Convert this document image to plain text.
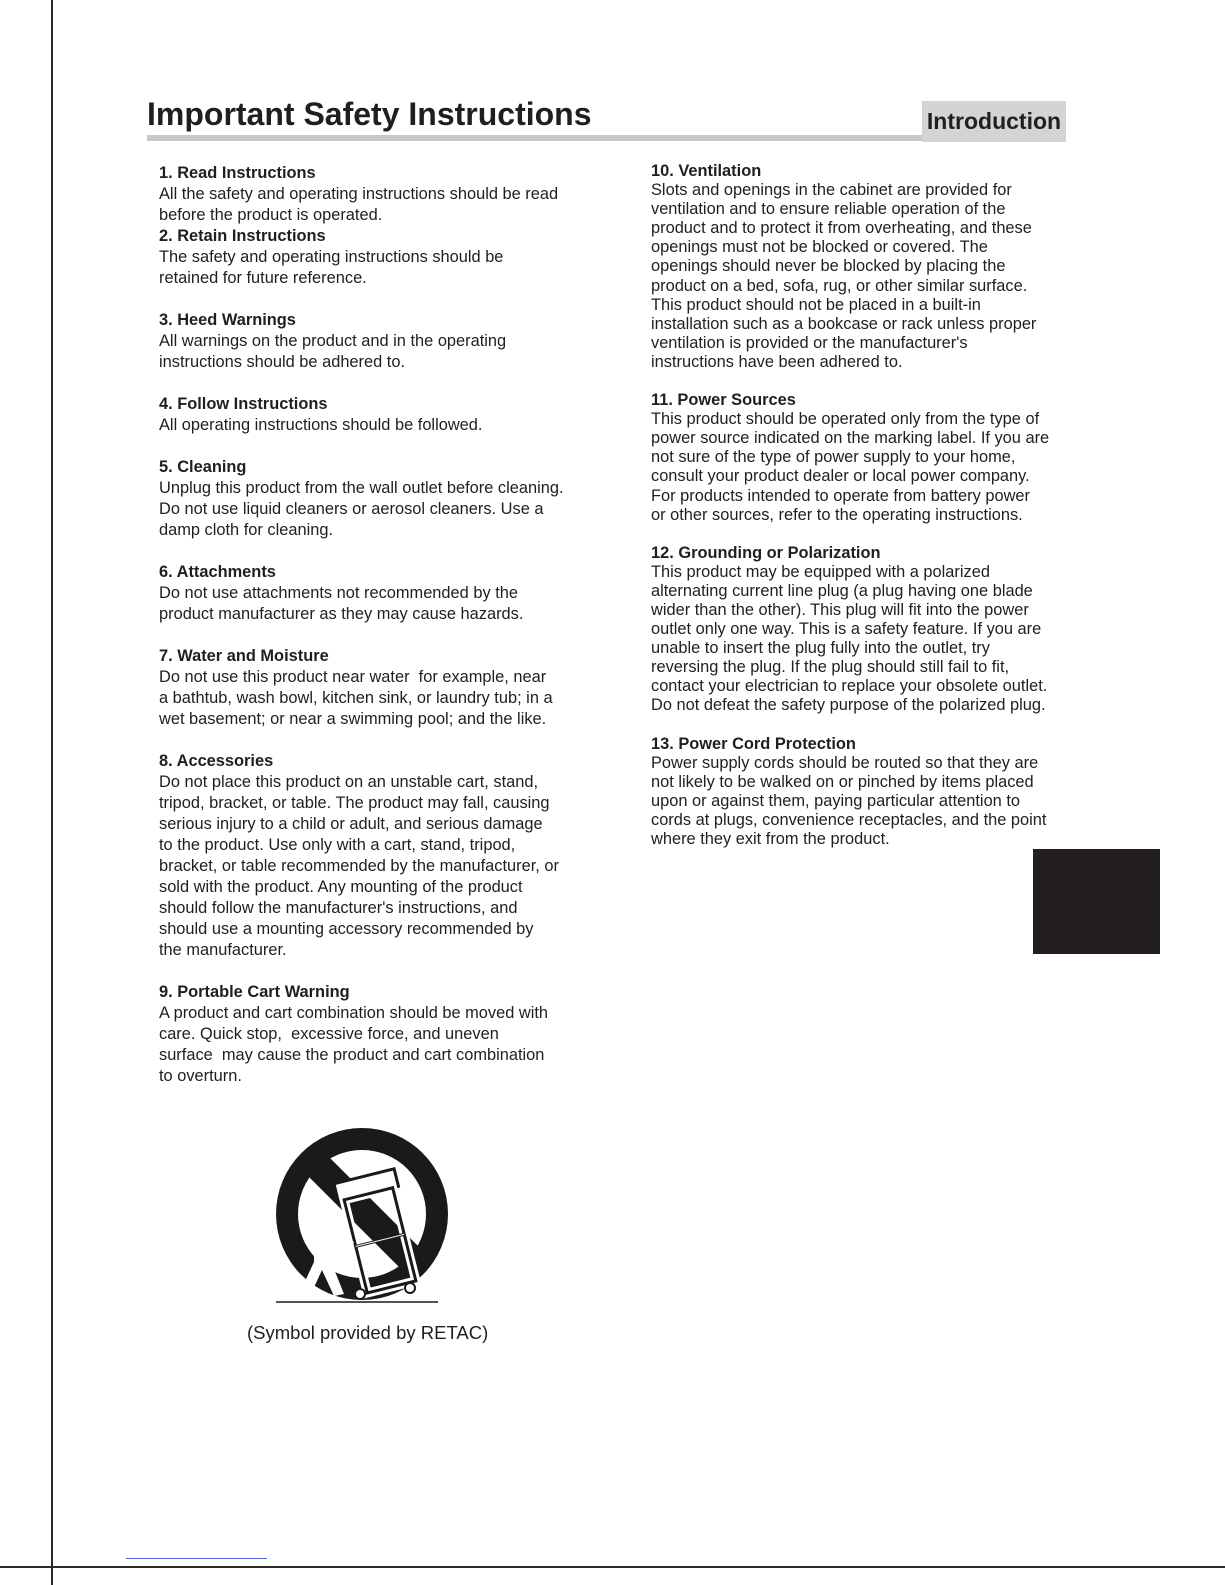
Important Safety Instructions	Introduction

1. Read Instructions

All the safety and operating instructions should be read
before the product is operated.

2. Retain Instructions

The safety and operating instructions should be
retained for future reference.

3. Heed Warnings

All warnings on the product and in the operating
instructions should be adhered to.

4. Follow Instructions

All operating instructions should be followed.

5. Cleaning

Unplug this product from the wall outlet before cleaning.
Do not use liquid cleaners or aerosol cleaners. Use a
damp cloth for cleaning.

6. Attachments

Do not use attachments not recommended by the
product manufacturer as they may cause hazards.

7. Water and Moisture

Do not use this product near water  for example, near
a bathtub, wash bowl, kitchen sink, or laundry tub; in a
wet basement; or near a swimming pool; and the like.

8. Accessories

Do not place this product on an unstable cart, stand,
tripod, bracket, or table. The product may fall, causing
serious injury to a child or adult, and serious damage
to the product. Use only with a cart, stand, tripod,
bracket, or table recommended by the manufacturer, or
sold with the product. Any mounting of the product
should follow the manufacturer's instructions, and
should use a mounting accessory recommended by
the manufacturer.

9. Portable Cart Warning

A product and cart combination should be moved with
care. Quick stop,  excessive force, and uneven
surface  may cause the product and cart combination
to overturn.

10. Ventilation

Slots and openings in the cabinet are provided for
ventilation and to ensure reliable operation of the
product and to protect it from overheating, and these
openings must not be blocked or covered. The
openings should never be blocked by placing the
product on a bed, sofa, rug, or other similar surface.
This product should not be placed in a built-in
installation such as a bookcase or rack unless proper
ventilation is provided or the manufacturer's
instructions have been adhered to.

11. Power Sources

This product should be operated only from the type of
power source indicated on the marking label. If you are
not sure of the type of power supply to your home,
consult your product dealer or local power company.
For products intended to operate from battery power
or other sources, refer to the operating instructions.

12. Grounding or Polarization

This product may be equipped with a polarized
alternating current line plug (a plug having one blade
wider than the other). This plug will fit into the power
outlet only one way. This is a safety feature. If you are
unable to insert the plug fully into the outlet, try
reversing the plug. If the plug should still fail to fit,
contact your electrician to replace your obsolete outlet.
Do not defeat the safety purpose of the polarized plug.

13. Power Cord Protection

Power supply cords should be routed so that they are
not likely to be walked on or pinched by items placed
upon or against them, paying particular attention to
cords at plugs, convenience receptacles, and the point
where they exit from the product.

(Symbol provided by RETAC)
